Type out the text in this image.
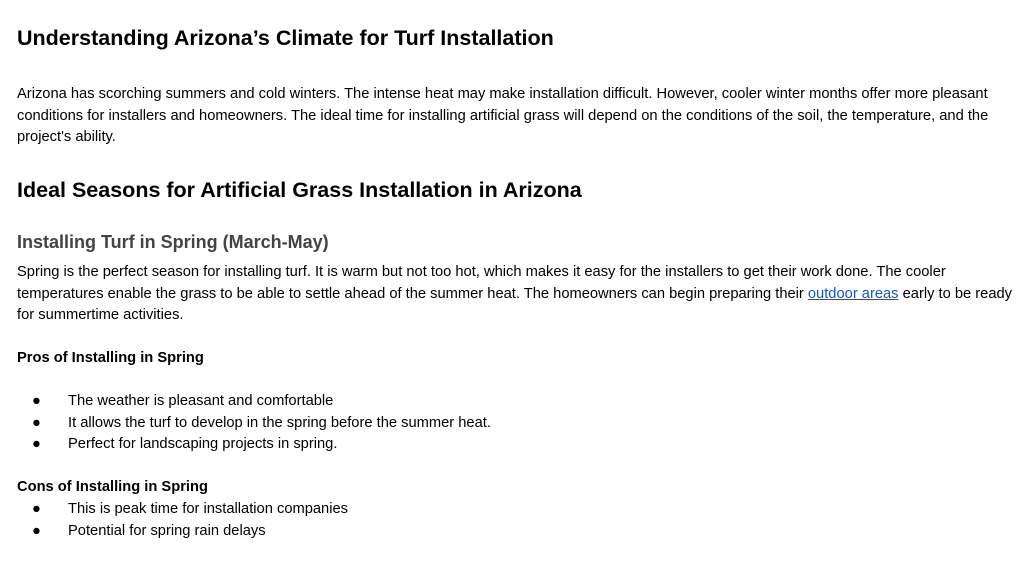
Understanding Arizona’s Climate for Turf Installation
Arizona has scorching summers and cold winters. The intense heat may make installation difficult. However, cooler winter months offer more pleasant conditions for installers and homeowners. The ideal time for installing artificial grass will depend on the conditions of the soil, the temperature, and the project's ability.
Ideal Seasons for Artificial Grass Installation in Arizona
Installing Turf in Spring (March-May)
Spring is the perfect season for installing turf. It is warm but not too hot, which makes it easy for the installers to get their work done. The cooler temperatures enable the grass to be able to settle ahead of the summer heat. The homeowners can begin preparing their outdoor areas early to be ready for summertime activities.
Pros of Installing in Spring
● The weather is pleasant and comfortable
● It allows the turf to develop in the spring before the summer heat.
● Perfect for landscaping projects in spring.
Cons of Installing in Spring
● This is peak time for installation companies
● Potential for spring rain delays
